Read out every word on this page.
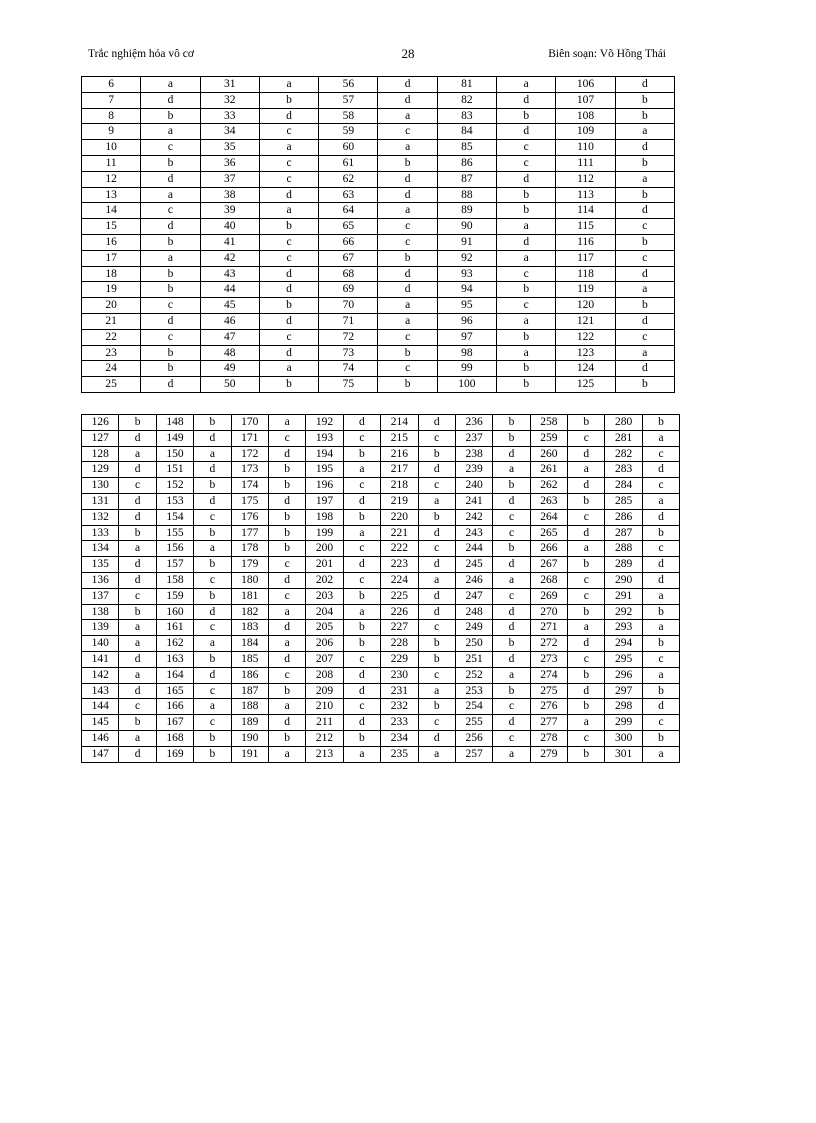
Trắc nghiệm hóa vô cơ	28	Biên soạn: Võ Hồng Thái
6	a	31	a	56	d	81	a	106	d
7	d	32	b	57	d	82	d	107	b
8	b	33	d	58	a	83	b	108	b
9	a	34	c	59	c	84	d	109	a
10	c	35	a	60	a	85	c	110	d
11	b	36	c	61	b	86	c	111	b
12	d	37	c	62	d	87	d	112	a
13	a	38	d	63	d	88	b	113	b
14	c	39	a	64	a	89	b	114	d
15	d	40	b	65	c	90	a	115	c
16	b	41	c	66	c	91	d	116	b
17	a	42	c	67	b	92	a	117	c
18	b	43	d	68	d	93	c	118	d
19	b	44	d	69	d	94	b	119	a
20	c	45	b	70	a	95	c	120	b
21	d	46	d	71	a	96	a	121	d
22	c	47	c	72	c	97	b	122	c
23	b	48	d	73	b	98	a	123	a
24	b	49	a	74	c	99	b	124	d
25	d	50	b	75	b	100	b	125	b
126	b	148	b	170	a	192	d	214	d	236	b	258	b	280	b
127	d	149	d	171	c	193	c	215	c	237	b	259	c	281	a
128	a	150	a	172	d	194	b	216	b	238	d	260	d	282	c
129	d	151	d	173	b	195	a	217	d	239	a	261	a	283	d
130	c	152	b	174	b	196	c	218	c	240	b	262	d	284	c
131	d	153	d	175	d	197	d	219	a	241	d	263	b	285	a
132	d	154	c	176	b	198	b	220	b	242	c	264	c	286	d
133	b	155	b	177	b	199	a	221	d	243	c	265	d	287	b
134	a	156	a	178	b	200	c	222	c	244	b	266	a	288	c
135	d	157	b	179	c	201	d	223	d	245	d	267	b	289	d
136	d	158	c	180	d	202	c	224	a	246	a	268	c	290	d
137	c	159	b	181	c	203	b	225	d	247	c	269	c	291	a
138	b	160	d	182	a	204	a	226	d	248	d	270	b	292	b
139	a	161	c	183	d	205	b	227	c	249	d	271	a	293	a
140	a	162	a	184	a	206	b	228	b	250	b	272	d	294	b
141	d	163	b	185	d	207	c	229	b	251	d	273	c	295	c
142	a	164	d	186	c	208	d	230	c	252	a	274	b	296	a
143	d	165	c	187	b	209	d	231	a	253	b	275	d	297	b
144	c	166	a	188	a	210	c	232	b	254	c	276	b	298	d
145	b	167	c	189	d	211	d	233	c	255	d	277	a	299	c
146	a	168	b	190	b	212	b	234	d	256	c	278	c	300	b
147	d	169	b	191	a	213	a	235	a	257	a	279	b	301	a
